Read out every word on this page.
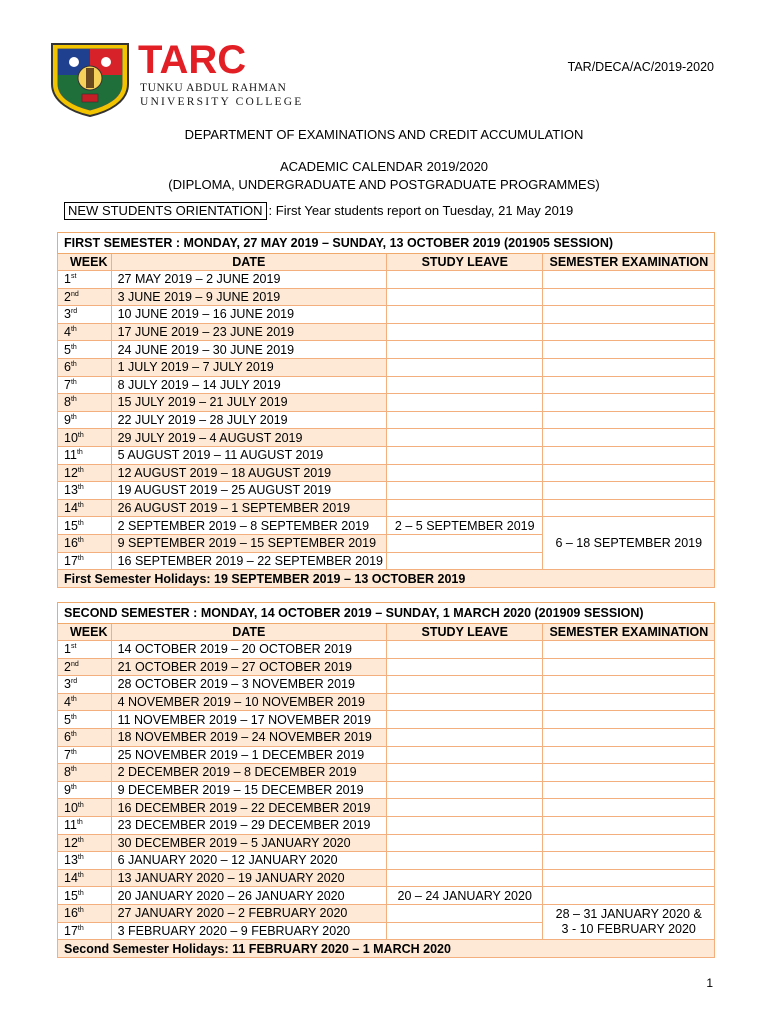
TARC
TUNKU ABDUL RAHMAN
UNIVERSITY COLLEGE
TAR/DECA/AC/2019-2020
DEPARTMENT OF EXAMINATIONS AND CREDIT ACCUMULATION
ACADEMIC CALENDAR 2019/2020
(DIPLOMA, UNDERGRADUATE AND POSTGRADUATE PROGRAMMES)
NEW STUDENTS ORIENTATION : First Year students report on Tuesday, 21 May 2019
FIRST SEMESTER : MONDAY, 27 MAY 2019 – SUNDAY, 13 OCTOBER 2019 (201905 SESSION)			
WEEK	DATE	STUDY LEAVE	SEMESTER EXAMINATION
1st	27 MAY 2019 – 2 JUNE 2019		
2nd	3 JUNE 2019 – 9 JUNE 2019		
3rd	10 JUNE 2019 – 16 JUNE 2019		
4th	17 JUNE 2019 – 23 JUNE 2019		
5th	24 JUNE 2019 – 30 JUNE 2019		
6th	1 JULY 2019 – 7 JULY 2019		
7th	8 JULY 2019 – 14 JULY 2019		
8th	15 JULY 2019 – 21 JULY 2019		
9th	22 JULY 2019 – 28 JULY 2019		
10th	29 JULY 2019 – 4 AUGUST 2019		
11th	5 AUGUST 2019 – 11 AUGUST 2019		
12th	12 AUGUST 2019 – 18 AUGUST 2019		
13th	19 AUGUST 2019 – 25 AUGUST 2019		
14th	26 AUGUST 2019 – 1 SEPTEMBER 2019		
15th	2 SEPTEMBER 2019 – 8 SEPTEMBER 2019	2 – 5 SEPTEMBER 2019	6 – 18 SEPTEMBER 2019

16th	9 SEPTEMBER 2019 – 15 SEPTEMBER 2019		
17th	16 SEPTEMBER 2019 – 22 SEPTEMBER 2019		
First Semester Holidays: 19 SEPTEMBER 2019 – 13 OCTOBER 2019			
SECOND SEMESTER : MONDAY, 14 OCTOBER 2019 – SUNDAY, 1 MARCH 2020 (201909 SESSION)			
WEEK	DATE	STUDY LEAVE	SEMESTER EXAMINATION
1st	14 OCTOBER 2019 – 20 OCTOBER 2019		
2nd	21 OCTOBER 2019 – 27 OCTOBER 2019		
3rd	28 OCTOBER 2019 – 3 NOVEMBER 2019		
4th	4 NOVEMBER 2019 – 10 NOVEMBER 2019		
5th	11 NOVEMBER 2019 – 17 NOVEMBER 2019		
6th	18 NOVEMBER 2019 – 24 NOVEMBER 2019		
7th	25 NOVEMBER 2019 – 1 DECEMBER 2019		
8th	2 DECEMBER 2019 – 8 DECEMBER 2019		
9th	9 DECEMBER 2019 – 15 DECEMBER 2019		
10th	16 DECEMBER 2019 – 22 DECEMBER 2019		
11th	23 DECEMBER 2019 – 29 DECEMBER 2019		
12th	30 DECEMBER 2019 – 5 JANUARY 2020		
13th	6 JANUARY 2020 – 12 JANUARY 2020		
14th	13 JANUARY 2020 – 19 JANUARY 2020		
15th	20 JANUARY 2020 – 26 JANUARY 2020	20 – 24 JANUARY 2020	
16th	27 JANUARY 2020 – 2 FEBRUARY 2020		28 – 31 JANUARY 2020 &
3 - 10 FEBRUARY 2020

17th	3 FEBRUARY 2020 – 9 FEBRUARY 2020		
Second Semester Holidays: 11 FEBRUARY 2020 – 1 MARCH 2020			
1
